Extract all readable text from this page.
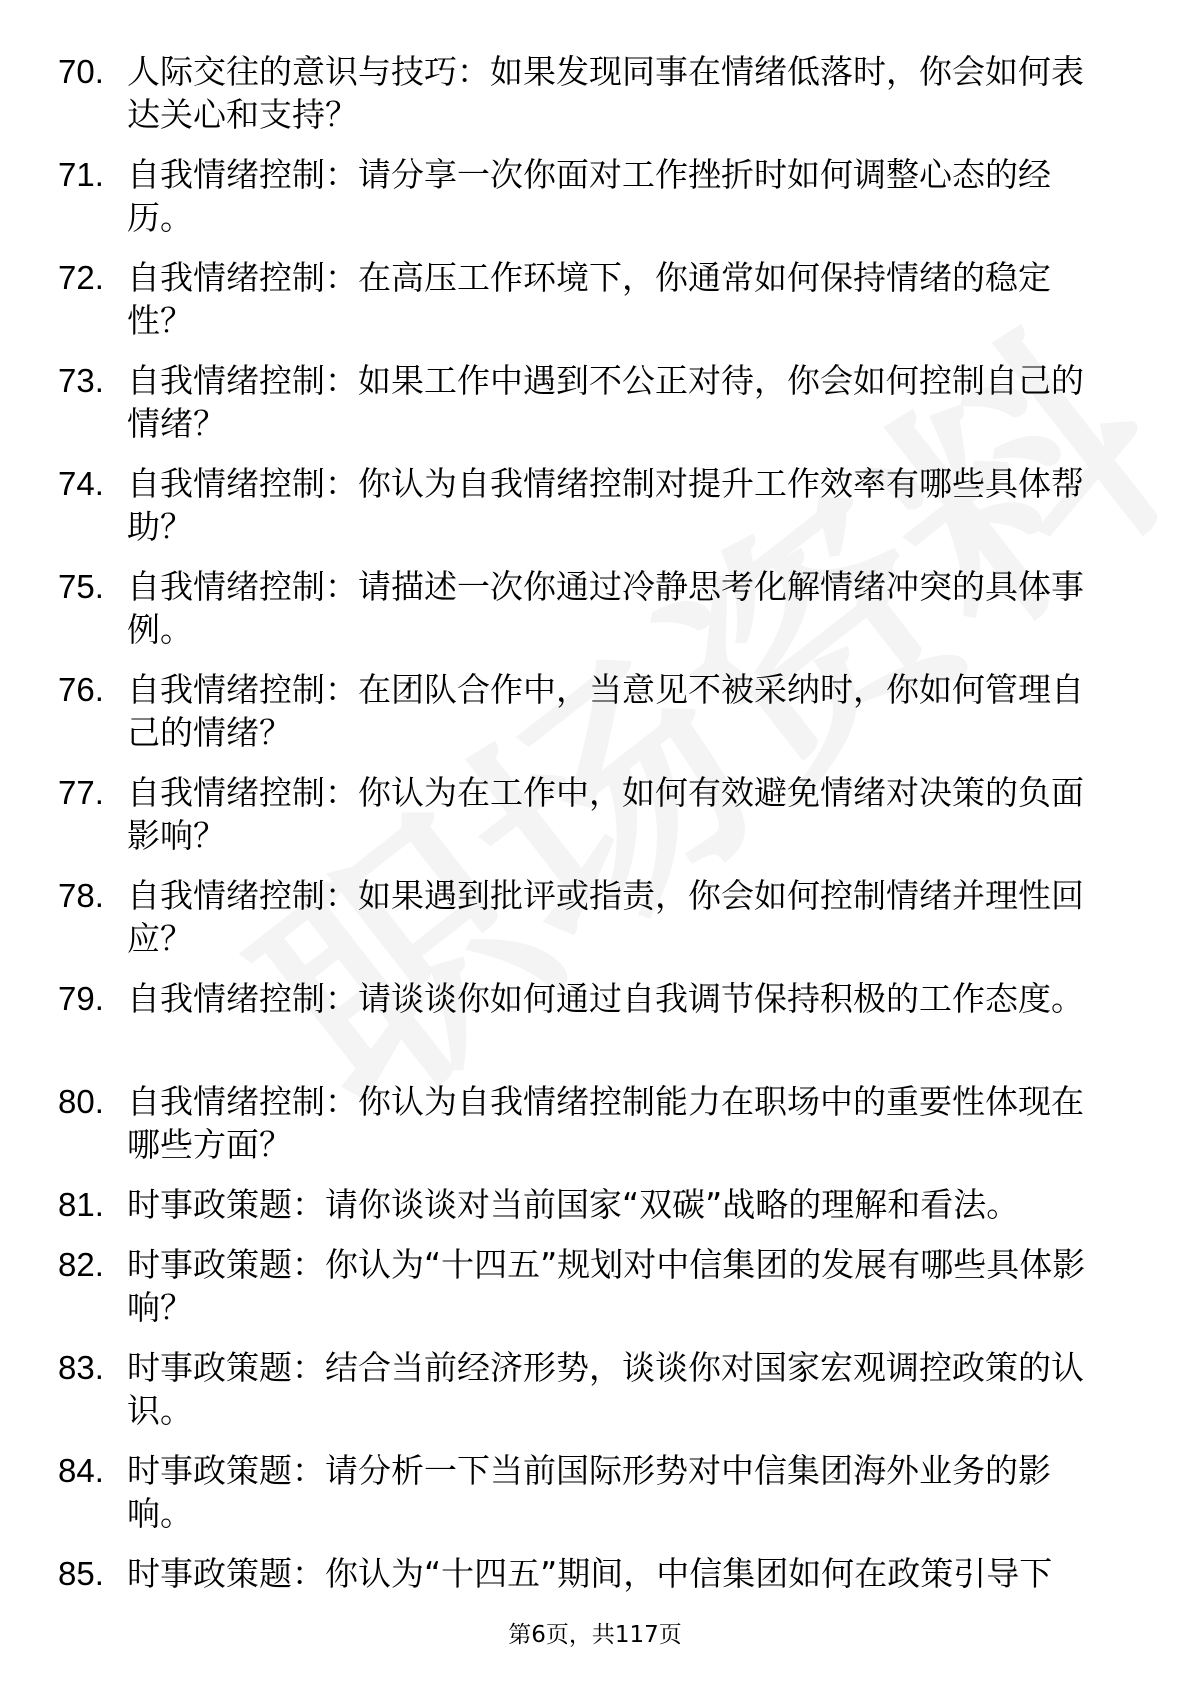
70. 人际交往的意识与技巧：如果发现同事在情绪低落时，你会如何表达关心和支持？
71. 自我情绪控制：请分享一次你面对工作挫折时如何调整心态的经历。
72. 自我情绪控制：在高压工作环境下，你通常如何保持情绪的稳定性？
73. 自我情绪控制：如果工作中遇到不公正对待，你会如何控制自己的情绪？
74. 自我情绪控制：你认为自我情绪控制对提升工作效率有哪些具体帮助？
75. 自我情绪控制：请描述一次你通过冷静思考化解情绪冲突的具体事例。
76. 自我情绪控制：在团队合作中，当意见不被采纳时，你如何管理自己的情绪？
77. 自我情绪控制：你认为在工作中，如何有效避免情绪对决策的负面影响？
78. 自我情绪控制：如果遇到批评或指责，你会如何控制情绪并理性回应？
79. 自我情绪控制：请谈谈你如何通过自我调节保持积极的工作态度。
80. 自我情绪控制：你认为自我情绪控制能力在职场中的重要性体现在哪些方面？
81. 时事政策题：请你谈谈对当前国家“双碳”战略的理解和看法。
82. 时事政策题：你认为“十四五”规划对中信集团的发展有哪些具体影响？
83. 时事政策题：结合当前经济形势，谈谈你对国家宏观调控政策的认识。
84. 时事政策题：请分析一下当前国际形势对中信集团海外业务的影响。
85. 时事政策题：你认为“十四五”期间，中信集团如何在政策引导下
第6页，共117页
